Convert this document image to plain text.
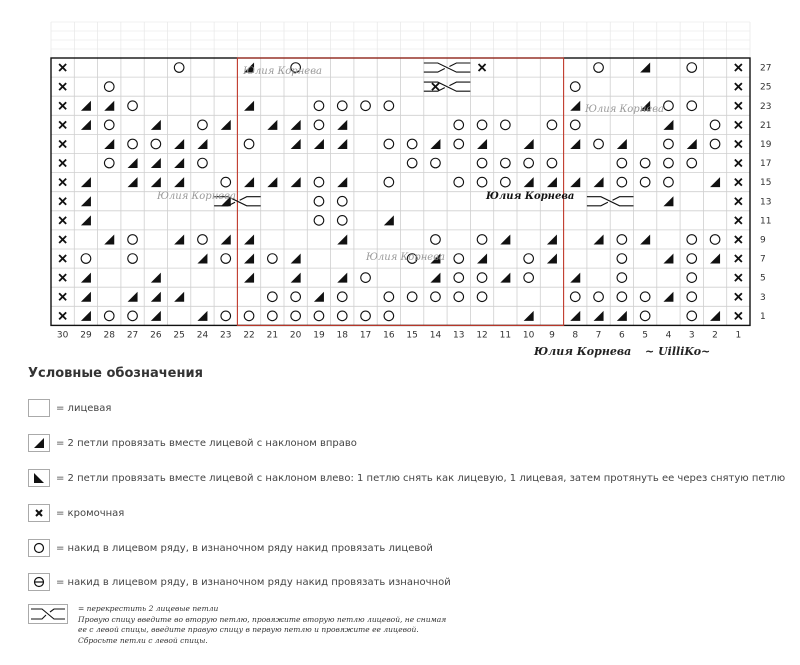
30 29 28 27 26 25 24 23 22 21 20 19 18 17 16 15 14 13 12 11 10 9 8 7 6 5 4 3 2 1
27
25
23
21
19
17
15
13
11
9
7
5
3
1
Юлия Корнева
Юлия Корнева
Юлия Корнева
Юлия Корнева
Юлия Корнева
Юлия Корнева ~ UilliKo~
Условные обозначения
= лицевая
= 2 петли провязать вместе лицевой с наклоном вправо
= 2 петли провязать вместе лицевой с наклоном влево: 1 петлю снять как лицевую, 1 лицевая, затем протянуть ее через снятую петлю
= кромочная
= накид в лицевом ряду, в изнаночном ряду накид провязать лицевой
= накид в лицевом ряду, в изнаночном ряду накид провязать изнаночной
= перекрестить 2 лицевые петли
Провую спицу введите во вторую петлю, провяжите вторую петлю лицевой, не снимая
ее с левой спицы, введите правую спицу в первую петлю и провяжите ее лицевой.
Сбросьте петли с левой спицы.
